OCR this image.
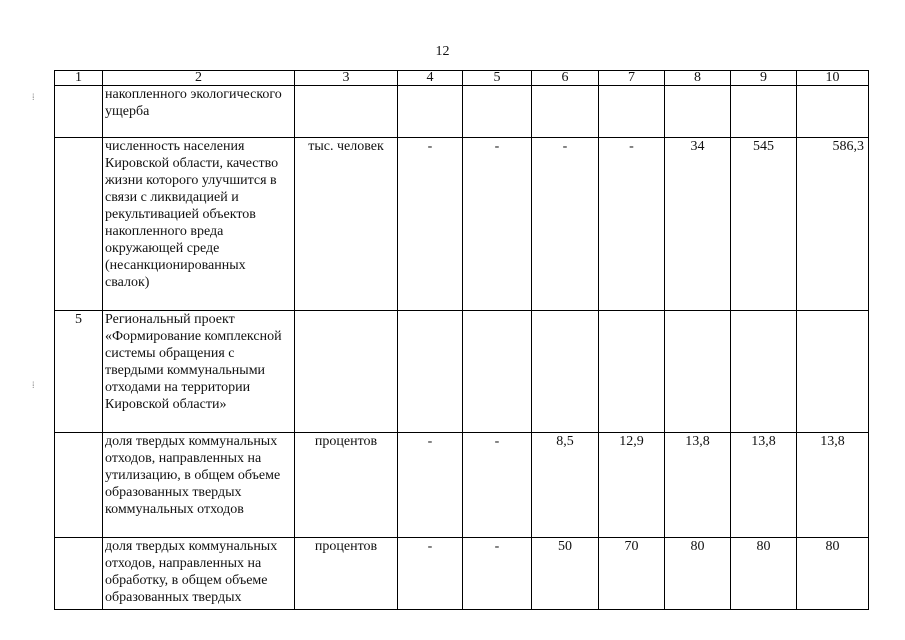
12
⁞
⁞
1	2	3	4	5	6	7	8	9	10
	накопленного экологического ущерба								
	численность населения Кировской области, качество жизни которого улучшится в связи с ликвидацией и рекультивацией объектов накопленного вреда окружающей среде (несанкционированных свалок)	тыс. человек	-	-	-	-	34	545	586,3
5	Региональный проект «Формирование комплексной системы обращения с твердыми коммунальными отходами на территории Кировской области»								
	доля твердых коммунальных отходов, направленных на утилизацию, в общем объеме образованных твердых коммунальных отходов	процентов	-	-	8,5	12,9	13,8	13,8	13,8
	доля твердых коммунальных отходов, направленных на обработку, в общем объеме образованных твердых	процентов	-	-	50	70	80	80	80
